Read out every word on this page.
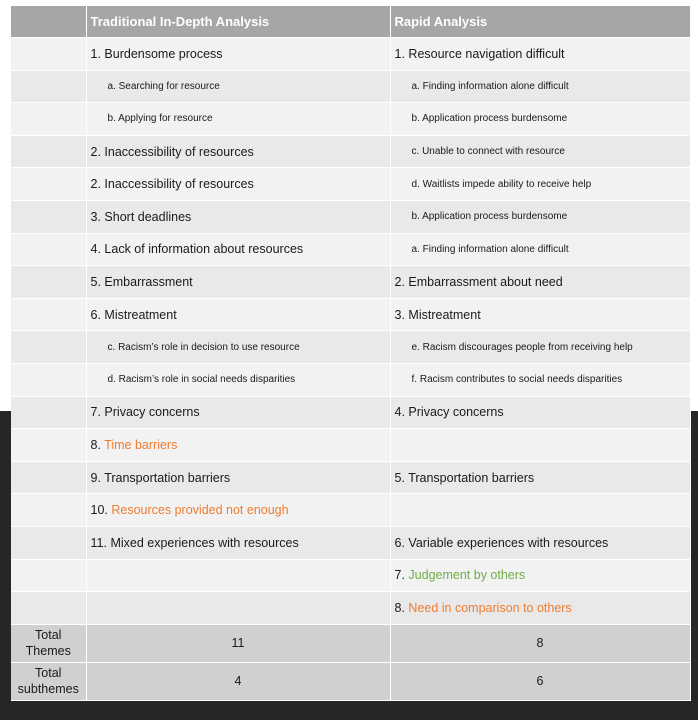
	Traditional In-Depth Analysis	Rapid Analysis
	1. Burdensome process	1. Resource navigation difficult
	a. Searching for resource	a. Finding information alone difficult
	b. Applying for resource	b. Application process burdensome
	2. Inaccessibility of resources	c. Unable to connect with resource
	2. Inaccessibility of resources	d. Waitlists impede ability to receive help
	3. Short deadlines	b. Application process burdensome
	4. Lack of information about resources	a. Finding information alone difficult
	5. Embarrassment	2. Embarrassment about need
	6. Mistreatment	3. Mistreatment
	c. Racism’s role in decision to use resource	e. Racism discourages people from receiving help
	d. Racism’s role in social needs disparities	f. Racism contributes to social needs disparities
	7. Privacy concerns	4. Privacy concerns
	8. Time barriers	
	9. Transportation barriers	5. Transportation barriers
	10. Resources provided not enough	
	11. Mixed experiences with resources	6. Variable experiences with resources
		7. Judgement by others
		8. Need in comparison to others
Total Themes	11	8
Total subthemes	4	6
